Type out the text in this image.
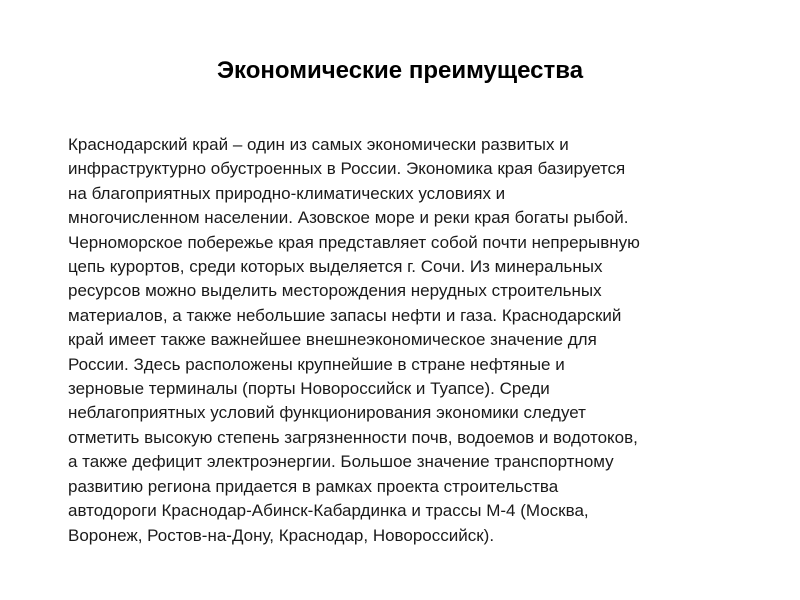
Экономические преимущества
Краснодарский край – один из самых экономически развитых и
инфраструктурно обустроенных в России. Экономика края базируется
на благоприятных природно-климатических условиях и
многочисленном населении. Азовское море и реки края богаты рыбой.
Черноморское побережье края представляет собой почти непрерывную
цепь курортов, среди которых выделяется г. Сочи. Из минеральных
ресурсов можно выделить месторождения нерудных строительных
материалов, а также небольшие запасы нефти и газа. Краснодарский
край имеет также важнейшее внешнеэкономическое значение для
России. Здесь расположены крупнейшие в стране нефтяные и
зерновые терминалы (порты Новороссийск и Туапсе). Среди
неблагоприятных условий функционирования экономики следует
отметить высокую степень загрязненности почв, водоемов и водотоков,
а также дефицит электроэнергии. Большое значение транспортному
развитию региона придается в рамках проекта строительства
автодороги Краснодар-Абинск-Кабардинка и трассы М-4 (Москва,
Воронеж, Ростов-на-Дону, Краснодар, Новороссийск).
